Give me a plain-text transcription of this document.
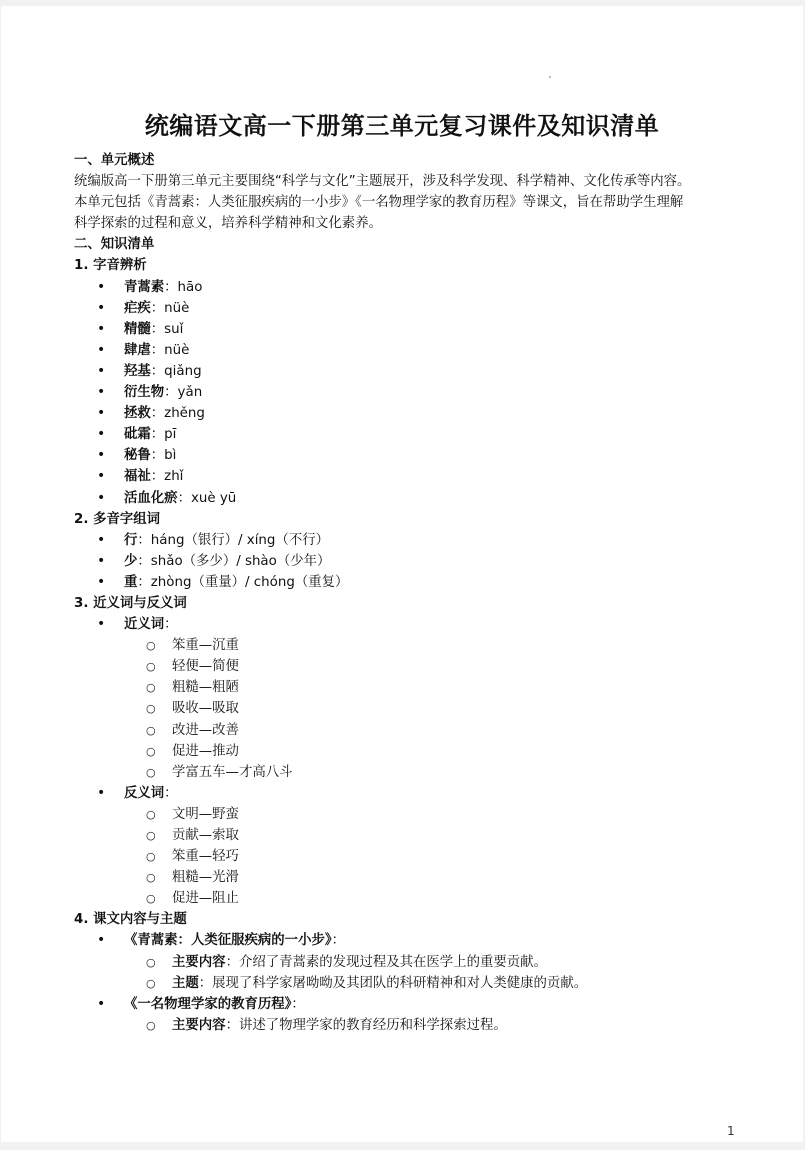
统编语文高一下册第三单元复习课件及知识清单
一、单元概述
统编版高一下册第三单元主要围绕“科学与文化”主题展开，涉及科学发现、科学精神、文化传承等内容。
本单元包括《青蒿素：人类征服疾病的一小步》《一名物理学家的教育历程》等课文，旨在帮助学生理解
科学探索的过程和意义，培养科学精神和文化素养。
二、知识清单
1. 字音辨析
• 青蒿素：hāo
• 疟疾：nüè
• 精髓：suǐ
• 肆虐：nüè
• 羟基：qiǎng
• 衍生物：yǎn
• 拯救：zhěng
• 砒霜：pī
• 秘鲁：bì
• 福祉：zhǐ
• 活血化瘀：xuè yū
2. 多音字组词
• 行：háng（银行）/ xíng（不行）
• 少：shǎo（多少）/ shào（少年）
• 重：zhòng（重量）/ chóng（重复）
3. 近义词与反义词
• 近义词：
○ 笨重—沉重
○ 轻便—简便
○ 粗糙—粗陋
○ 吸收—吸取
○ 改进—改善
○ 促进—推动
○ 学富五车—才高八斗
• 反义词：
○ 文明—野蛮
○ 贡献—索取
○ 笨重—轻巧
○ 粗糙—光滑
○ 促进—阻止
4. 课文内容与主题
• 《青蒿素：人类征服疾病的一小步》：
○ 主要内容：介绍了青蒿素的发现过程及其在医学上的重要贡献。
○ 主题：展现了科学家屠呦呦及其团队的科研精神和对人类健康的贡献。
• 《一名物理学家的教育历程》：
○ 主要内容：讲述了物理学家的教育经历和科学探索过程。
1
